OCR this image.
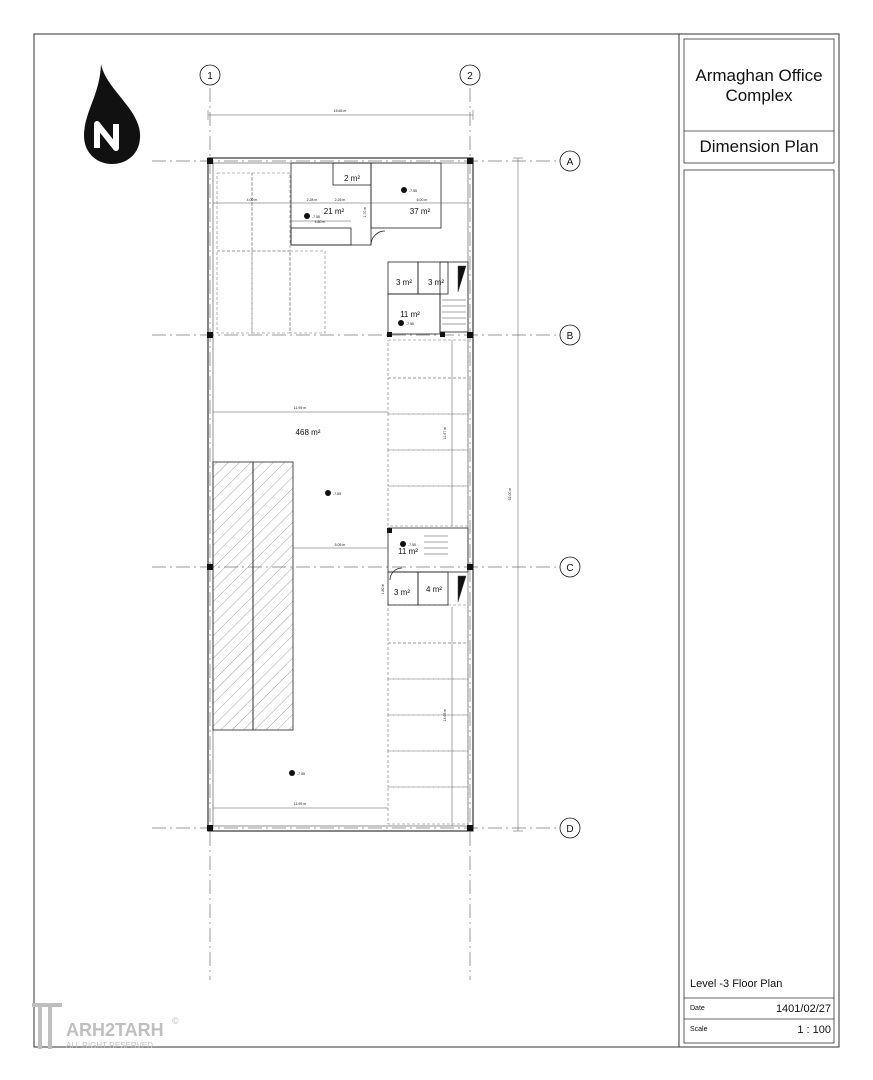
1	2
A
B
C
D
2 m²
21 m²	37 m²
3 m² 3 m²
11 m²
468 m²
11 m²
3 m² 4 m²
15.65 m
11.95 m
5.05 m
11.95 m
52.00 m
11.67 m
14.65 m
4.00 m	6.00 m
1.80 m
2.28 m	2.26 m
1.70 m
4.80 m
-7.55
-7.55
-7.55
-7.55
-7.55
-7.55
ARH2TARH
ALL RIGHT RESERVED
©
Armaghan Office Complex
Dimension Plan
Level -3 Floor Plan
Date	1401/02/27
Scale	1 : 100
